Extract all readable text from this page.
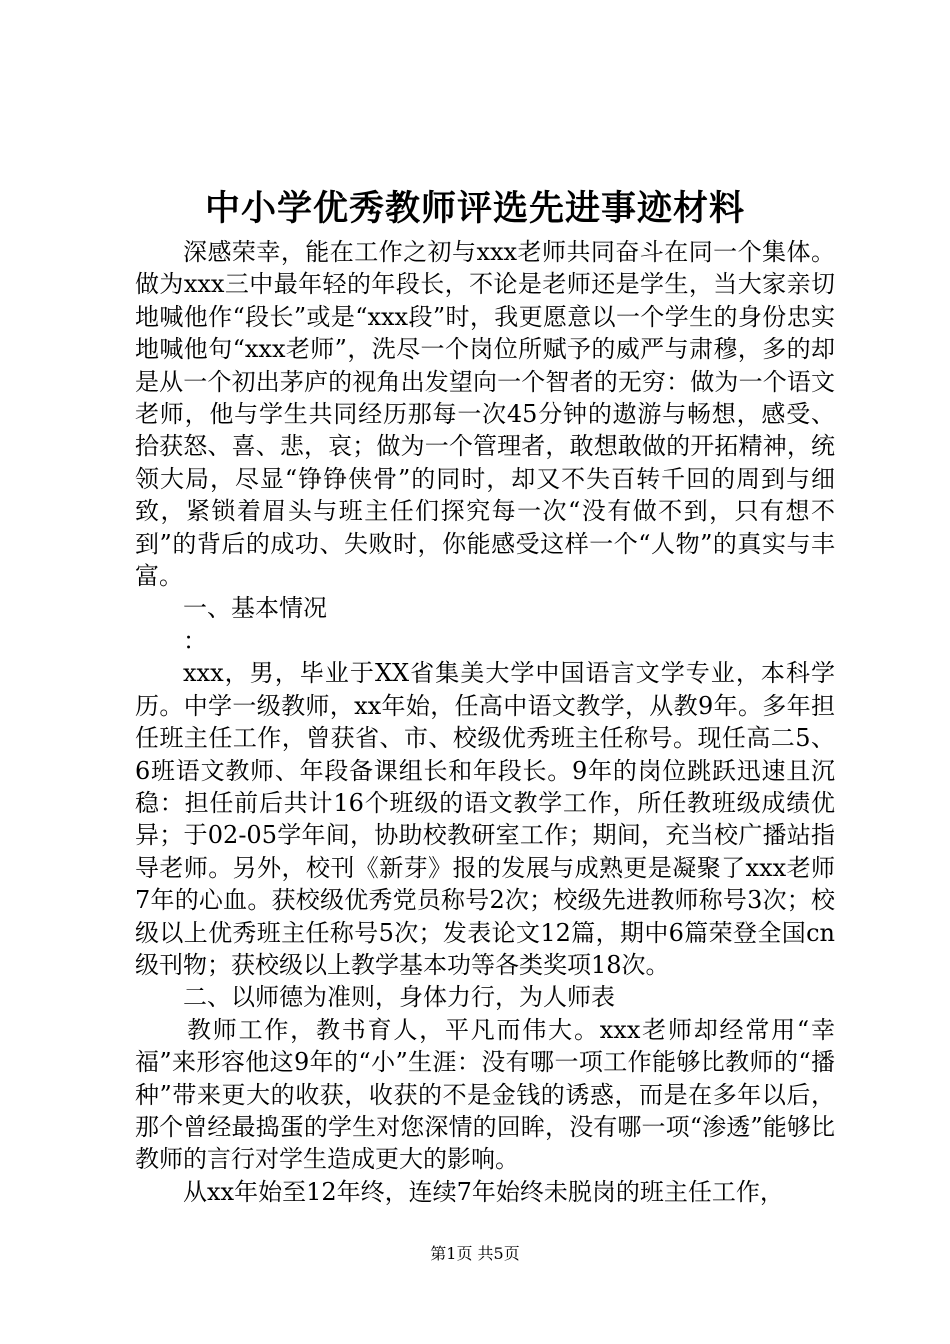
中小学优秀教师评选先进事迹材料

深感荣幸，能在工作之初与xxx老师共同奋斗在同一个集体。做为xxx三中最年轻的年段长，不论是老师还是学生，当大家亲切地喊他作“段长”或是“xxx段”时，我更愿意以一个学生的身份忠实地喊他句“xxx老师”，洗尽一个岗位所赋予的威严与肃穆，多的却是从一个初出茅庐的视角出发望向一个智者的无穷：做为一个语文老师，他与学生共同经历那每一次45分钟的遨游与畅想，感受、拾获怒、喜、悲，哀；做为一个管理者，敢想敢做的开拓精神，统领大局，尽显“铮铮侠骨”的同时，却又不失百转千回的周到与细致，紧锁着眉头与班主任们探究每一次“没有做不到，只有想不到”的背后的成功、失败时，你能感受这样一个“人物”的真实与丰富。

一、基本情况

：

xxx，男，毕业于XX省集美大学中国语言文学专业，本科学历。中学一级教师，xx年始，任高中语文教学，从教9年。多年担任班主任工作，曾获省、市、校级优秀班主任称号。现任高二5、6班语文教师、年段备课组长和年段长。9年的岗位跳跃迅速且沉稳：担任前后共计16个班级的语文教学工作，所任教班级成绩优异；于02-05学年间，协助校教研室工作；期间，充当校广播站指导老师。另外，校刊《新芽》报的发展与成熟更是凝聚了xxx老师7年的心血。获校级优秀党员称号2次；校级先进教师称号3次；校级以上优秀班主任称号5次；发表论文12篇，期中6篇荣登全国cn级刊物；获校级以上教学基本功等各类奖项18次。

二、以师德为准则，身体力行，为人师表

教师工作，教书育人，平凡而伟大。xxx老师却经常用“幸福”来形容他这9年的“小”生涯：没有哪一项工作能够比教师的“播种”带来更大的收获，收获的不是金钱的诱惑，而是在多年以后，那个曾经最捣蛋的学生对您深情的回眸，没有哪一项“渗透”能够比教师的言行对学生造成更大的影响。

从xx年始至12年终，连续7年始终未脱岗的班主任工作，

第1页 共5页
